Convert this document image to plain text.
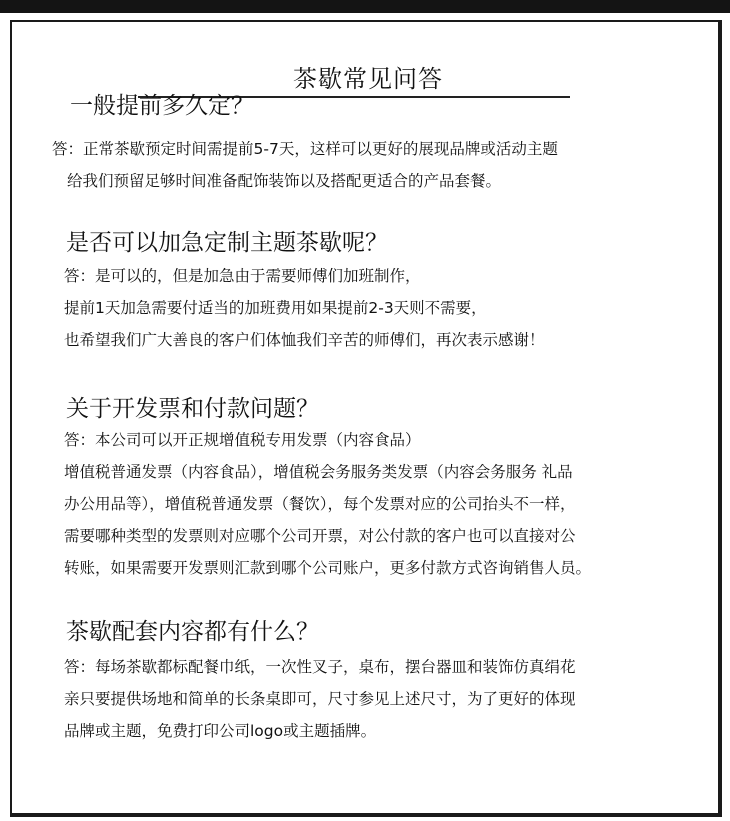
茶歇常见问答

一般提前多久定？

答：正常茶歇预定时间需提前5-7天，这样可以更好的展现品牌或活动主题

给我们预留足够时间准备配饰装饰以及搭配更适合的产品套餐。

是否可以加急定制主题茶歇呢？

答：是可以的，但是加急由于需要师傅们加班制作，

提前1天加急需要付适当的加班费用如果提前2-3天则不需要，

也希望我们广大善良的客户们体恤我们辛苦的师傅们，再次表示感谢！

关于开发票和付款问题？

答：本公司可以开正规增值税专用发票（内容食品）

增值税普通发票（内容食品），增值税会务服务类发票（内容会务服务 礼品

办公用品等），增值税普通发票（餐饮），每个发票对应的公司抬头不一样，

需要哪种类型的发票则对应哪个公司开票，对公付款的客户也可以直接对公

转账，如果需要开发票则汇款到哪个公司账户，更多付款方式咨询销售人员。

茶歇配套内容都有什么？

答：每场茶歇都标配餐巾纸，一次性叉子，桌布，摆台器皿和装饰仿真绢花

亲只要提供场地和简单的长条桌即可，尺寸参见上述尺寸，为了更好的体现

品牌或主题，免费打印公司logo或主题插牌。
